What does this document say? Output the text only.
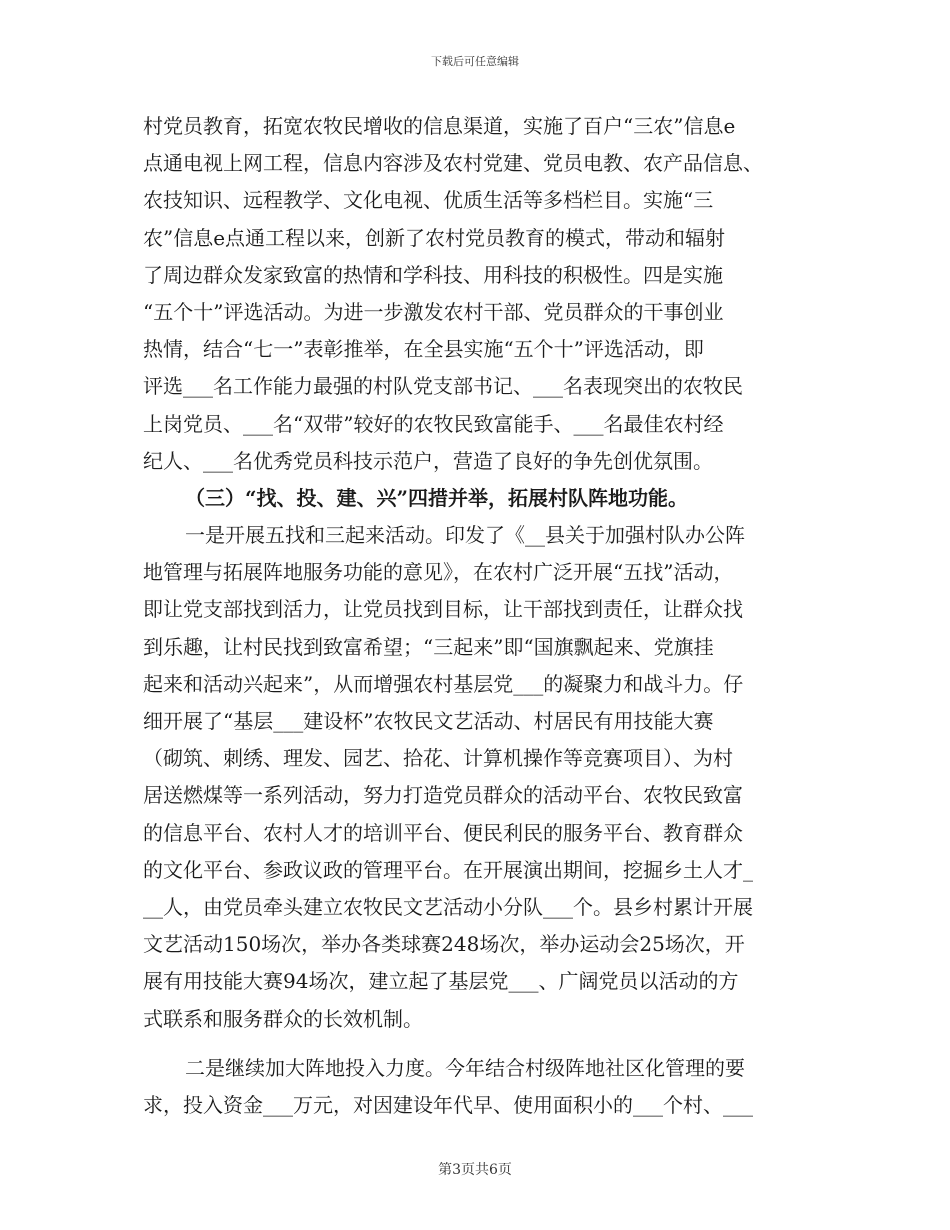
下载后可任意编辑
村党员教育，拓宽农牧民增收的信息渠道，实施了百户“三农”信息e
点通电视上网工程，信息内容涉及农村党建、党员电教、农产品信息、
农技知识、远程教学、文化电视、优质生活等多档栏目。实施“三
农”信息e点通工程以来，创新了农村党员教育的模式，带动和辐射
了周边群众发家致富的热情和学科技、用科技的积极性。四是实施
“五个十”评选活动。为进一步激发农村干部、党员群众的干事创业
热情，结合“七一”表彰推举，在全县实施“五个十”评选活动，即
评选___名工作能力最强的村队党支部书记、___名表现突出的农牧民
上岗党员、___名“双带”较好的农牧民致富能手、___名最佳农村经
纪人、___名优秀党员科技示范户，营造了良好的争先创优氛围。
（三）“找、投、建、兴”四措并举，拓展村队阵地功能。
一是开展五找和三起来活动。印发了《__县关于加强村队办公阵
地管理与拓展阵地服务功能的意见》，在农村广泛开展“五找”活动，
即让党支部找到活力，让党员找到目标，让干部找到责任，让群众找
到乐趣，让村民找到致富希望；“三起来”即“国旗飘起来、党旗挂
起来和活动兴起来”，从而增强农村基层党___的凝聚力和战斗力。仔
细开展了“基层___建设杯”农牧民文艺活动、村居民有用技能大赛
（砌筑、刺绣、理发、园艺、拾花、计算机操作等竞赛项目）、为村
居送燃煤等一系列活动，努力打造党员群众的活动平台、农牧民致富
的信息平台、农村人才的培训平台、便民利民的服务平台、教育群众
的文化平台、参政议政的管理平台。在开展演出期间，挖掘乡土人才_
__人，由党员牵头建立农牧民文艺活动小分队___个。县乡村累计开展
文艺活动150场次，举办各类球赛248场次，举办运动会25场次，开
展有用技能大赛94场次，建立起了基层党___、广阔党员以活动的方
式联系和服务群众的长效机制。
二是继续加大阵地投入力度。今年结合村级阵地社区化管理的要
求，投入资金___万元，对因建设年代早、使用面积小的___个村、___
第3页共6页
